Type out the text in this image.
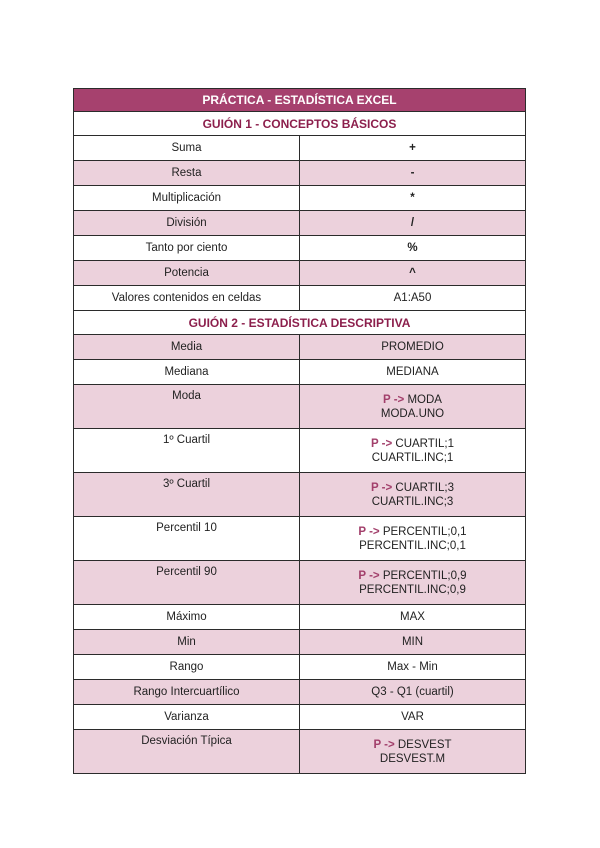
PRÁCTICA - ESTADÍSTICA EXCEL	
GUIÓN 1 - CONCEPTOS BÁSICOS	
Suma	+
Resta	-
Multiplicación	*
División	/
Tanto por ciento	%
Potencia	^
Valores contenidos en celdas	A1:A50
GUIÓN 2 - ESTADÍSTICA DESCRIPTIVA	
Media	PROMEDIO
Mediana	MEDIANA
Moda	P -> MODA
MODA.UNO
1º Cuartil	P -> CUARTIL;1
CUARTIL.INC;1
3º Cuartil	P -> CUARTIL;3
CUARTIL.INC;3
Percentil 10	P -> PERCENTIL;0,1
PERCENTIL.INC;0,1
Percentil 90	P -> PERCENTIL;0,9
PERCENTIL.INC;0,9
Máximo	MAX
Min	MIN
Rango	Max - Min
Rango Intercuartílico	Q3 - Q1 (cuartil)
Varianza	VAR
Desviación Típica	P -> DESVEST
DESVEST.M
